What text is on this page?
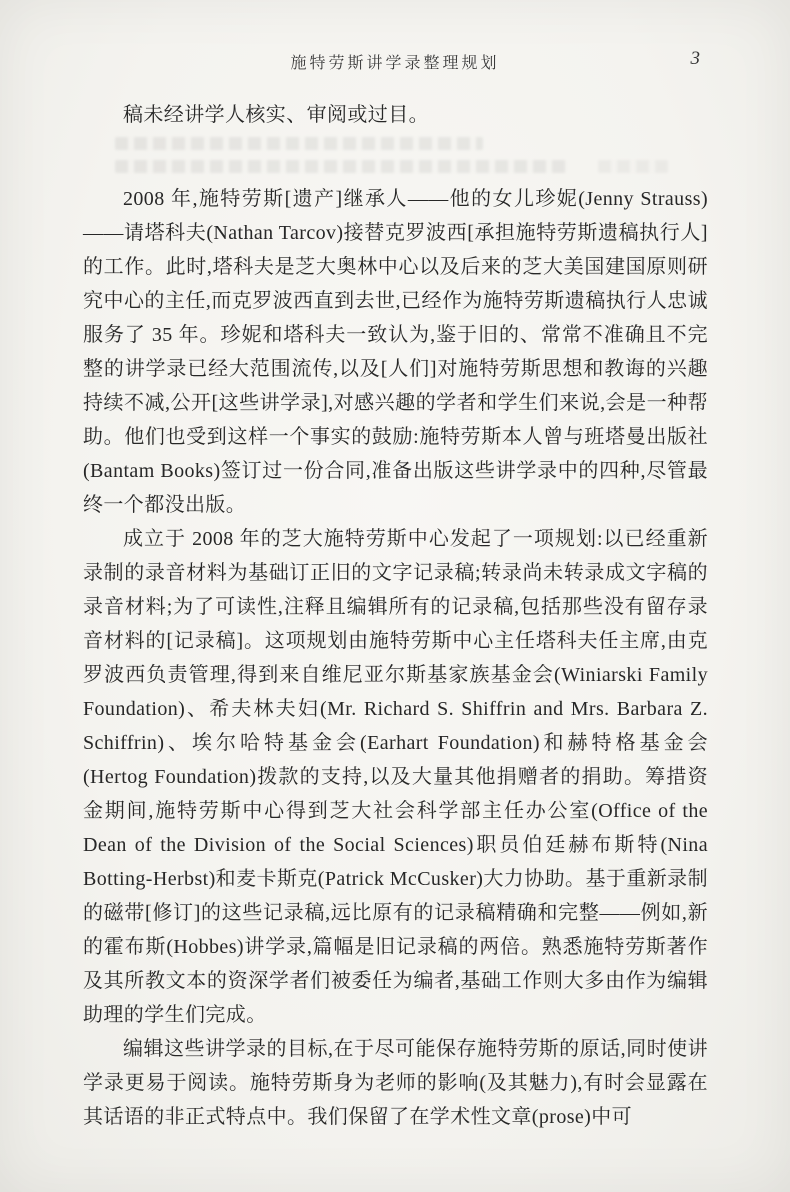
施特劳斯讲学录整理规划	3

稿未经讲学人核实、审阅或过目。

2008 年,施特劳斯[遗产]继承人——他的女儿珍妮(Jenny Strauss)——请塔科夫(Nathan Tarcov)接替克罗波西[承担施特劳斯遗稿执行人]的工作。此时,塔科夫是芝大奥林中心以及后来的芝大美国建国原则研究中心的主任,而克罗波西直到去世,已经作为施特劳斯遗稿执行人忠诚服务了 35 年。珍妮和塔科夫一致认为,鉴于旧的、常常不准确且不完整的讲学录已经大范围流传,以及[人们]对施特劳斯思想和教诲的兴趣持续不减,公开[这些讲学录],对感兴趣的学者和学生们来说,会是一种帮助。他们也受到这样一个事实的鼓励:施特劳斯本人曾与班塔曼出版社(Bantam Books)签订过一份合同,准备出版这些讲学录中的四种,尽管最终一个都没出版。

成立于 2008 年的芝大施特劳斯中心发起了一项规划:以已经重新录制的录音材料为基础订正旧的文字记录稿;转录尚未转录成文字稿的录音材料;为了可读性,注释且编辑所有的记录稿,包括那些没有留存录音材料的[记录稿]。这项规划由施特劳斯中心主任塔科夫任主席,由克罗波西负责管理,得到来自维尼亚尔斯基家族基金会(Winiarski Family Foundation)、希夫林夫妇(Mr. Richard S. Shiffrin and Mrs. Barbara Z. Schiffrin)、埃尔哈特基金会(Earhart Foundation)和赫特格基金会(Hertog Foundation)拨款的支持,以及大量其他捐赠者的捐助。筹措资金期间,施特劳斯中心得到芝大社会科学部主任办公室(Office of the Dean of the Division of the Social Sciences)职员伯廷赫布斯特(Nina Botting-Herbst)和麦卡斯克(Patrick McCusker)大力协助。基于重新录制的磁带[修订]的这些记录稿,远比原有的记录稿精确和完整——例如,新的霍布斯(Hobbes)讲学录,篇幅是旧记录稿的两倍。熟悉施特劳斯著作及其所教文本的资深学者们被委任为编者,基础工作则大多由作为编辑助理的学生们完成。

编辑这些讲学录的目标,在于尽可能保存施特劳斯的原话,同时使讲学录更易于阅读。施特劳斯身为老师的影响(及其魅力),有时会显露在其话语的非正式特点中。我们保留了在学术性文章(prose)中可
